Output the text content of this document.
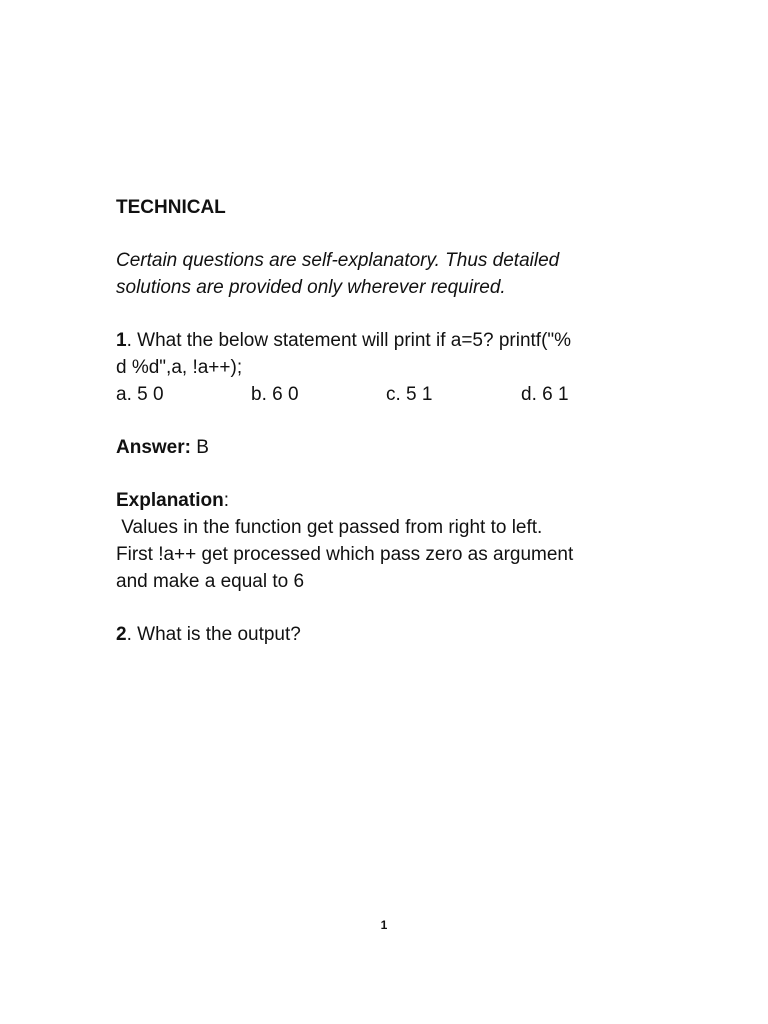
TECHNICAL

Certain questions are self-explanatory. Thus detailed
solutions are provided only wherever required.
1. What the below statement will print if a=5? printf("%
d %d",a, !a++);
a. 5 0	b. 6 0	c. 5 1	d. 6 1
Answer: B
Explanation:
Values in the function get passed from right to left.
First !a++ get processed which pass zero as argument
and make a equal to 6
2. What is the output?
1
